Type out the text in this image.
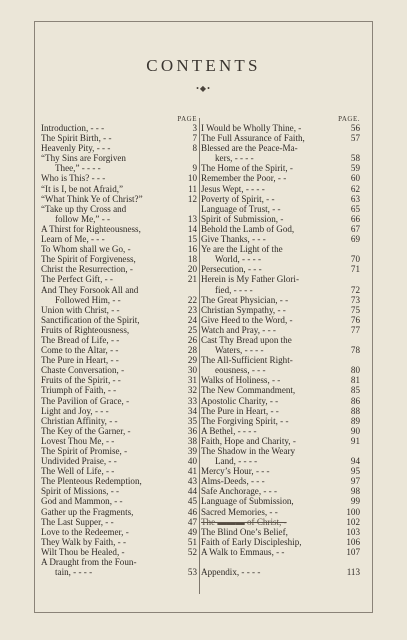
CONTENTS
•◆•
PAGE
Introduction, - - -	3
The Spirit Birth, - -	7
Heavenly Pity, - - -	8
“Thy Sins are Forgiven
Thee,” - - - -	9
Who is This? - - -	10
“It is I, be not Afraid,”	11
“What Think Ye of Christ?”	12
“Take up thy Cross and
follow Me,” - -	13
A Thirst for Righteousness,	14
Learn of Me, - - -	15
To Whom shall we Go, -	16
The Spirit of Forgiveness,	18
Christ the Resurrection, -	20
The Perfect Gift, - -	21
And They Forsook All and
Followed Him, - -	22
Union with Christ, - -	23
Sanctification of the Spirit,	24
Fruits of Righteousness,	25
The Bread of Life, - -	26
Come to the Altar, - -	28
The Pure in Heart, - -	29
Chaste Conversation, -	30
Fruits of the Spirit, - -	31
Triumph of Faith, - -	32
The Pavilion of Grace, -	33
Light and Joy, - - -	34
Christian Affinity, - -	35
The Key of the Garner, -	36
Lovest Thou Me, - -	38
The Spirit of Promise, -	39
Undivided Praise, - -	40
The Well of Life, - -	41
The Plenteous Redemption,	43
Spirit of Missions, - -	44
God and Mammon, - -	45
Gather up the Fragments,	46
The Last Supper, - -	47
Love to the Redeemer, -	49
They Walk by Faith, - -	51
Wilt Thou be Healed, -	52
A Draught from the Foun-
tain, - - - -	53
PAGE.
I Would be Wholly Thine, -	56
The Full Assurance of Faith,	57
Blessed are the Peace-Ma-
kers, - - - -	58
The Home of the Spirit, -	59
Remember the Poor, - -	60
Jesus Wept, - - - -	62
Poverty of Spirit, - -	63
Language of Trust, - -	65
Spirit of Submission, -	66
Behold the Lamb of God,	67
Give Thanks, - - -	69
Ye are the Light of the
World, - - - -	70
Persecution, - - -	71
Herein is My Father Glori-
fied, - - - -	72
The Great Physician, - -	73
Christian Sympathy, - -	75
Give Heed to the Word, -	76
Watch and Pray, - - -	77
Cast Thy Bread upon the
Waters, - - - -	78
The All-Sufficient Right-
eousness, - - -	80
Walks of Holiness, - -	81
The New Commandment,	85
Apostolic Charity, - -	86
The Pure in Heart, - -	88
The Forgiving Spirit, - -	89
A Bethel, - - - -	90
Faith, Hope and Charity, -	91
The Shadow in the Weary
Land, - - - -	94
Mercy’s Hour, - - -	95
Alms-Deeds, - - -	97
Safe Anchorage, - - -	98
Language of Submission,	99
Sacred Memories, - -	100
The ▬▬▬ of Christ, -	102
The Blind One’s Belief,	103
Faith of Early Discipleship,	106
A Walk to Emmaus, - -	107
Appendix, - - - -	113
